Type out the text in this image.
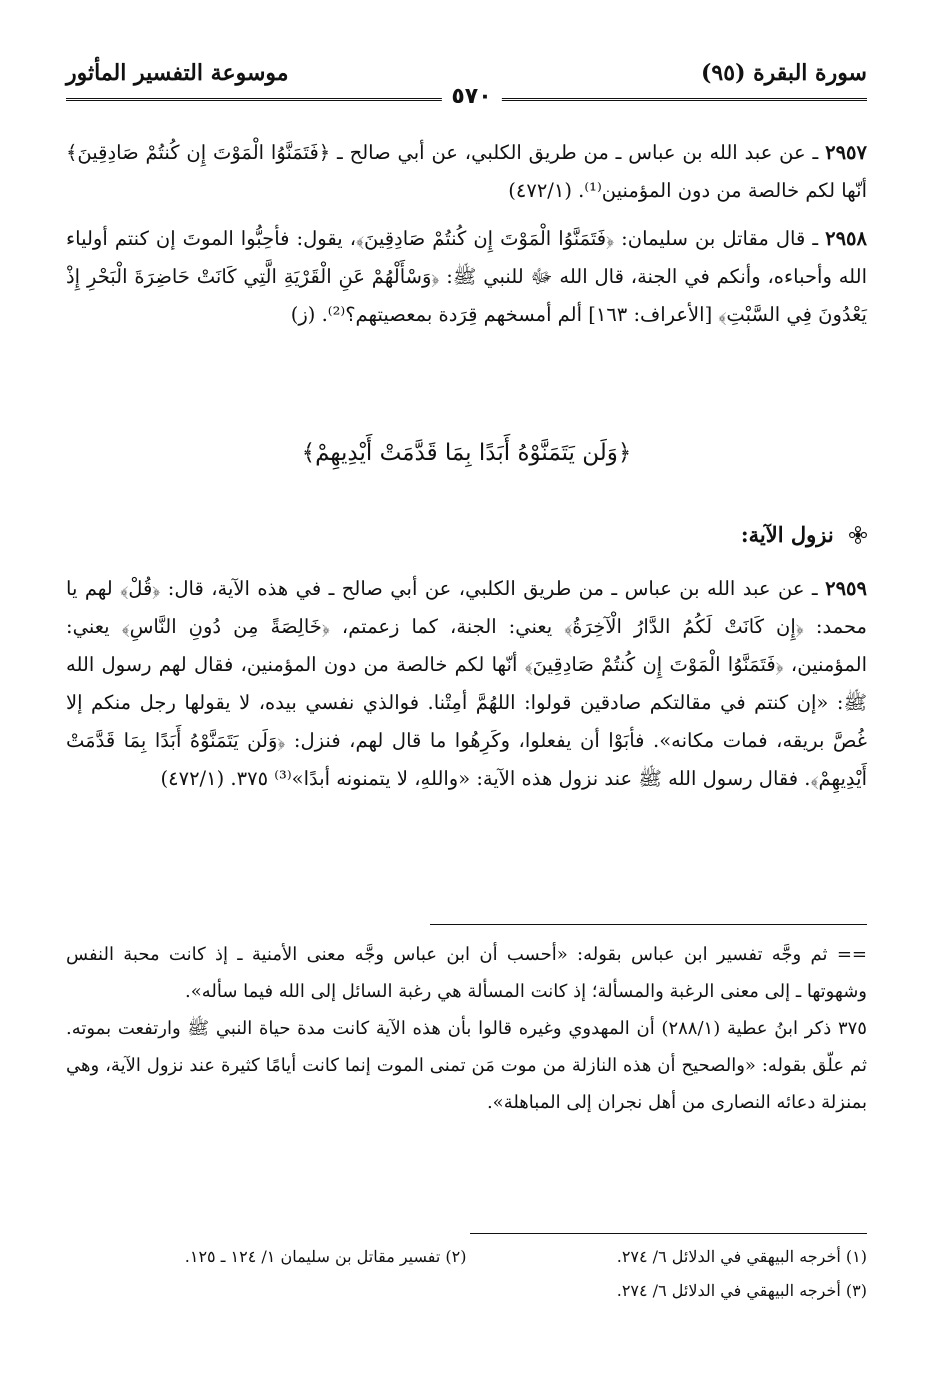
سورة البقرة (٩٥)
موسوعة التفسير المأثور
٥٧٠

٢٩٥٧ ـ عن عبد الله بن عباس ـ من طريق الكلبي، عن أبي صالح ـ ﴿فَتَمَنَّوُا الْمَوْتَ إِن كُنتُمْ صَادِقِينَ﴾ أنّها لكم خالصة من دون المؤمنين⁽¹⁾. (٤٧٢/١)

٢٩٥٨ ـ قال مقاتل بن سليمان: ﴿فَتَمَنَّوُا الْمَوْتَ إِن كُنتُمْ صَادِقِينَ﴾، يقول: فأحِبُّوا الموتَ إن كنتم أولياء الله وأحباءه، وأنكم في الجنة، قال الله ﷻ للنبي ﷺ: ﴿وَسْأَلْهُمْ عَنِ الْقَرْيَةِ الَّتِي كَانَتْ حَاضِرَةَ الْبَحْرِ إِذْ يَعْدُونَ فِي السَّبْتِ﴾ [الأعراف: ١٦٣] ألم أمسخهم قِرَدة بمعصيتهم؟⁽²⁾. (ز)

﴿وَلَن يَتَمَنَّوْهُ أَبَدًا بِمَا قَدَّمَتْ أَيْدِيهِمْ﴾
نزول الآية:

٢٩٥٩ ـ عن عبد الله بن عباس ـ من طريق الكلبي، عن أبي صالح ـ في هذه الآية، قال: ﴿قُلْ﴾ لهم يا محمد: ﴿إِن كَانَتْ لَكُمُ الدَّارُ الْآخِرَةُ﴾ يعني: الجنة، كما زعمتم، ﴿خَالِصَةً مِن دُونِ النَّاسِ﴾ يعني: المؤمنين، ﴿فَتَمَنَّوُا الْمَوْتَ إِن كُنتُمْ صَادِقِينَ﴾ أنّها لكم خالصة من دون المؤمنين، فقال لهم رسول الله ﷺ: «إن كنتم في مقالتكم صادقين قولوا: اللهُمَّ أمِتْنا. فوالذي نفسي بيده، لا يقولها رجل منكم إلا غُصَّ بريقه، فمات مكانه». فأبَوْا أن يفعلوا، وكَرِهُوا ما قال لهم، فنزل: ﴿وَلَن يَتَمَنَّوْهُ أَبَدًا بِمَا قَدَّمَتْ أَيْدِيهِمْ﴾. فقال رسول الله ﷺ عند نزول هذه الآية: «واللهِ، لا يتمنونه أبدًا»⁽³⁾ ٣٧٥. (٤٧٢/١)

== ثم وجَّه تفسير ابن عباس بقوله: «أحسب أن ابن عباس وجَّه معنى الأمنية ـ إذ كانت محبة النفس وشهوتها ـ إلى معنى الرغبة والمسألة؛ إذ كانت المسألة هي رغبة السائل إلى الله فيما سأله».

٣٧٥ ذكر ابنُ عطية (٢٨٨/١) أن المهدوي وغيره قالوا بأن هذه الآية كانت مدة حياة النبي ﷺ وارتفعت بموته. ثم علّق بقوله: «والصحيح أن هذه النازلة من موت مَن تمنى الموت إنما كانت أيامًا كثيرة عند نزول الآية، وهي بمنزلة دعائه النصارى من أهل نجران إلى المباهلة».

(١) أخرجه البيهقي في الدلائل ٦/ ٢٧٤.
(٢) تفسير مقاتل بن سليمان ١/ ١٢٤ ـ ١٢٥.
(٣) أخرجه البيهقي في الدلائل ٦/ ٢٧٤.
